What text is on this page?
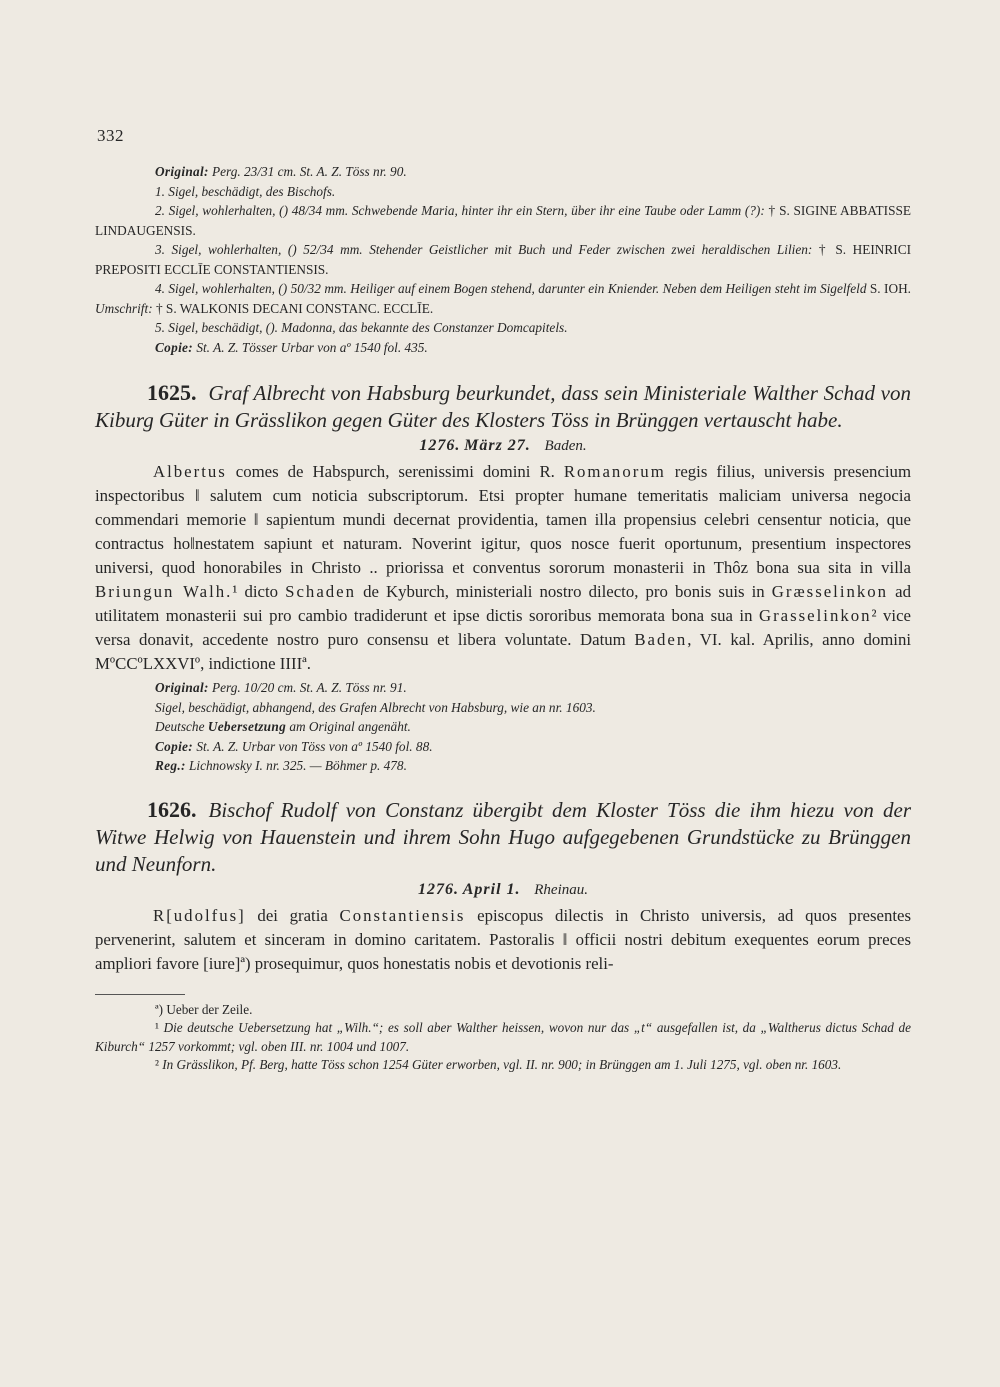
332

Original: Perg. 23/31 cm. St. A. Z. Töss nr. 90.

1. Sigel, beschädigt, des Bischofs.

2. Sigel, wohlerhalten, () 48/34 mm. Schwebende Maria, hinter ihr ein Stern, über ihr eine Taube oder Lamm (?): † S. SIGINE ABBATISSE LINDAUGENSIS.

3. Sigel, wohlerhalten, () 52/34 mm. Stehender Geistlicher mit Buch und Feder zwischen zwei heraldischen Lilien: † S. HEINRICI PREPOSITI ECCLĪE CONSTANTIENSIS.

4. Sigel, wohlerhalten, () 50/32 mm. Heiliger auf einem Bogen stehend, darunter ein Kniender. Neben dem Heiligen steht im Sigelfeld S. IOH. Umschrift: † S. WALKONIS DECANI CONSTANC. ECCLĪE.

5. Sigel, beschädigt, (). Madonna, das bekannte des Constanzer Domcapitels.

Copie: St. A. Z. Tösser Urbar von aº 1540 fol. 435.

1625. Graf Albrecht von Habsburg beurkundet, dass sein Ministeriale Walther Schad von Kiburg Güter in Grässlikon gegen Güter des Klosters Töss in Brünggen vertauscht habe.

1276. März 27. Baden.

Albertus comes de Habspurch, serenissimi domini R. Romanorum regis filius, universis presencium inspectoribus ‖ salutem cum noticia subscriptorum. Etsi propter humane temeritatis maliciam universa negocia commendari memorie ‖ sapientum mundi decernat providentia, tamen illa propensius celebri censentur noticia, que contractus ho‖nestatem sapiunt et naturam. Noverint igitur, quos nosce fuerit oportunum, presentium inspectores universi, quod honorabiles in Christo .. priorissa et conventus sororum monasterii in Thôz bona sua sita in villa Briungun Walh.¹ dicto Schaden de Kyburch, ministeriali nostro dilecto, pro bonis suis in Græsselinkon ad utilitatem monasterii sui pro cambio tradiderunt et ipse dictis sororibus memorata bona sua in Grasselinkon² vice versa donavit, accedente nostro puro consensu et libera voluntate. Datum Baden, VI. kal. Aprilis, anno domini MºCCºLXXVIº, indictione IIIIª.

Original: Perg. 10/20 cm. St. A. Z. Töss nr. 91.

Sigel, beschädigt, abhangend, des Grafen Albrecht von Habsburg, wie an nr. 1603.

Deutsche Uebersetzung am Original angenäht.

Copie: St. A. Z. Urbar von Töss von aº 1540 fol. 88.

Reg.: Lichnowsky I. nr. 325. — Böhmer p. 478.

1626. Bischof Rudolf von Constanz übergibt dem Kloster Töss die ihm hiezu von der Witwe Helwig von Hauenstein und ihrem Sohn Hugo aufgegebenen Grundstücke zu Brünggen und Neunforn.

1276. April 1. Rheinau.

R[udolfus] dei gratia Constantiensis episcopus dilectis in Christo universis, ad quos presentes pervenerint, salutem et sinceram in domino caritatem. Pastoralis ‖ officii nostri debitum exequentes eorum preces ampliori favore [iure]ª) prosequimur, quos honestatis nobis et devotionis reli-

ª) Ueber der Zeile.

¹ Die deutsche Uebersetzung hat „Wilh.“; es soll aber Walther heissen, wovon nur das „t“ ausgefallen ist, da „Waltherus dictus Schad de Kiburch“ 1257 vorkommt; vgl. oben III. nr. 1004 und 1007.

² In Grässlikon, Pf. Berg, hatte Töss schon 1254 Güter erworben, vgl. II. nr. 900; in Brünggen am 1. Juli 1275, vgl. oben nr. 1603.
